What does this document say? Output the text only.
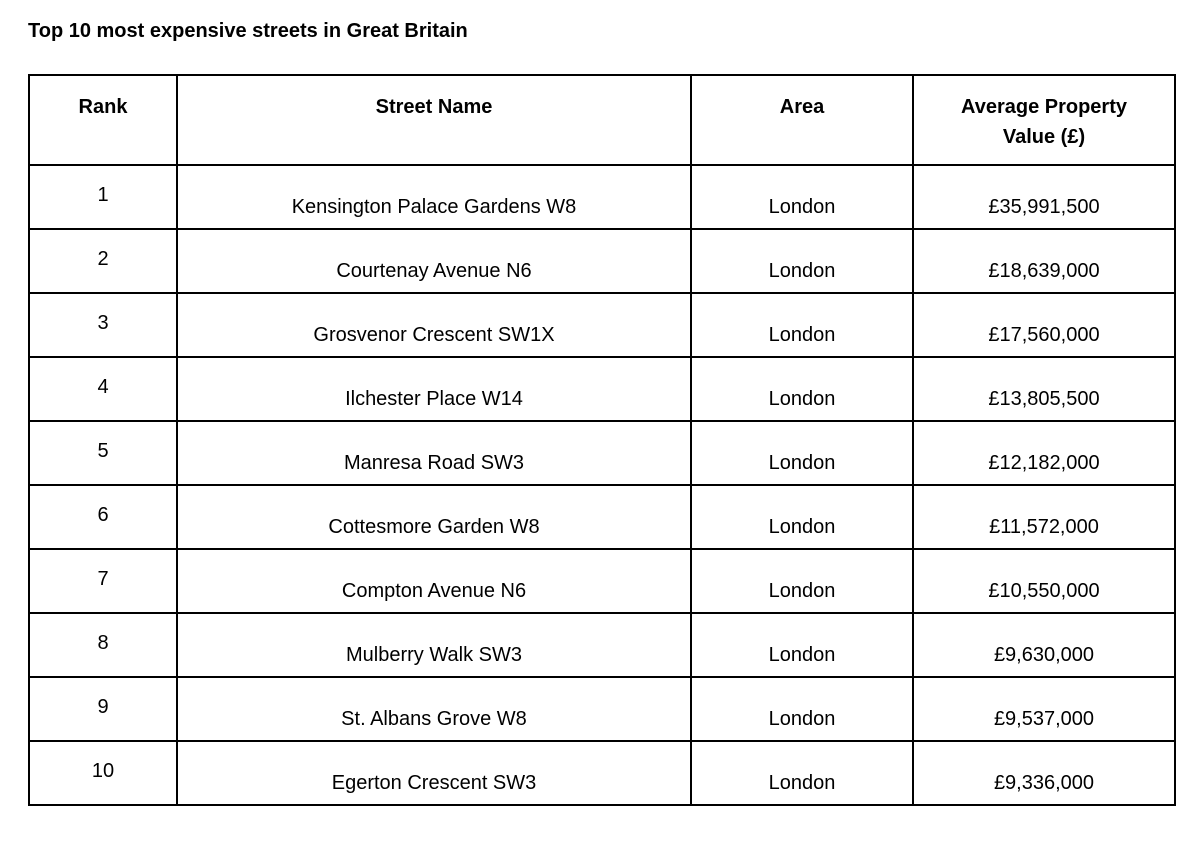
Top 10 most expensive streets in Great Britain
Rank	Street Name	Area	Average Property
Value (£)

1	Kensington Palace Gardens W8	London	£35,991,500

2	Courtenay Avenue N6	London	£18,639,000

3	Grosvenor Crescent SW1X	London	£17,560,000

4	Ilchester Place W14	London	£13,805,500

5	Manresa Road SW3	London	£12,182,000

6	Cottesmore Garden W8	London	£11,572,000

7	Compton Avenue N6	London	£10,550,000

8	Mulberry Walk SW3	London	£9,630,000

9	St. Albans Grove W8	London	£9,537,000

10	Egerton Crescent SW3	London	£9,336,000
